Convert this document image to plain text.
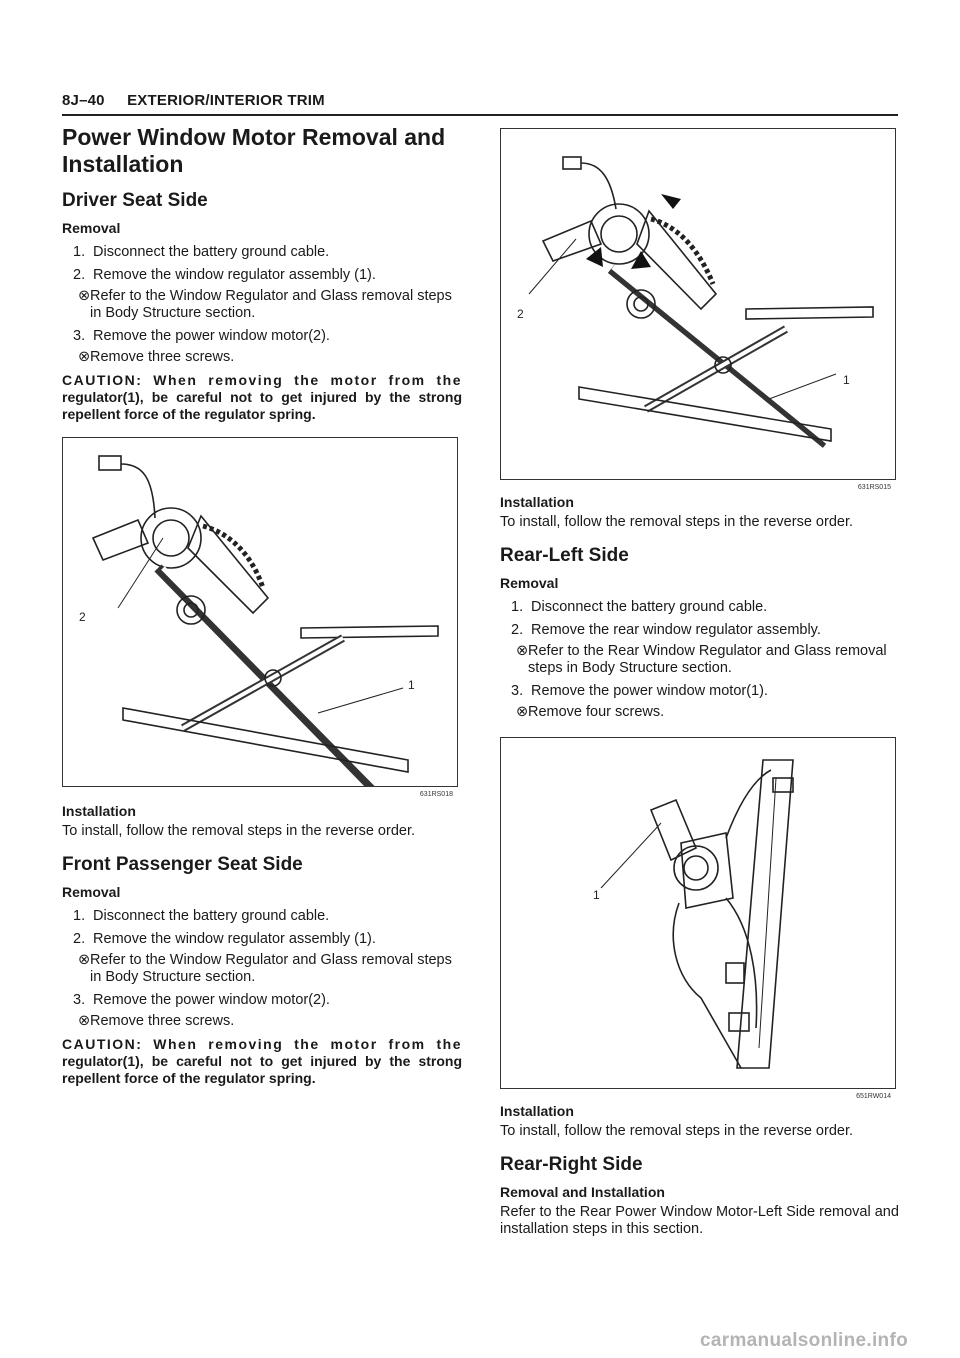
8J–40 EXTERIOR/INTERIOR TRIM
Power Window Motor Removal and Installation
Driver Seat Side
Removal
1. Disconnect the battery ground cable.
2. Remove the window regulator assembly (1).
⊗Refer to the Window Regulator and Glass removal steps in Body Structure section.
3. Remove the power window motor(2).
⊗Remove three screws.
CAUTION: When removing the motor from the regulator(1), be careful not to get injured by the strong repellent force of the regulator spring.
2
1
631RS018
Installation

To install, follow the removal steps in the reverse order.

Front Passenger Seat Side
Removal
1. Disconnect the battery ground cable.
2. Remove the window regulator assembly (1).
⊗Refer to the Window Regulator and Glass removal steps in Body Structure section.
3. Remove the power window motor(2).
⊗Remove three screws.
CAUTION: When removing the motor from the regulator(1), be careful not to get injured by the strong repellent force of the regulator spring.
2
1
631RS015
Installation

To install, follow the removal steps in the reverse order.

Rear-Left Side
Removal
1. Disconnect the battery ground cable.
2. Remove the rear window regulator assembly.
⊗Refer to the Rear Window Regulator and Glass removal steps in Body Structure section.
3. Remove the power window motor(1).
⊗Remove four screws.
1
651RW014
Installation

To install, follow the removal steps in the reverse order.

Rear-Right Side
Removal and Installation

Refer to the Rear Power Window Motor-Left Side removal and installation steps in this section.

carmanualsonline.info
